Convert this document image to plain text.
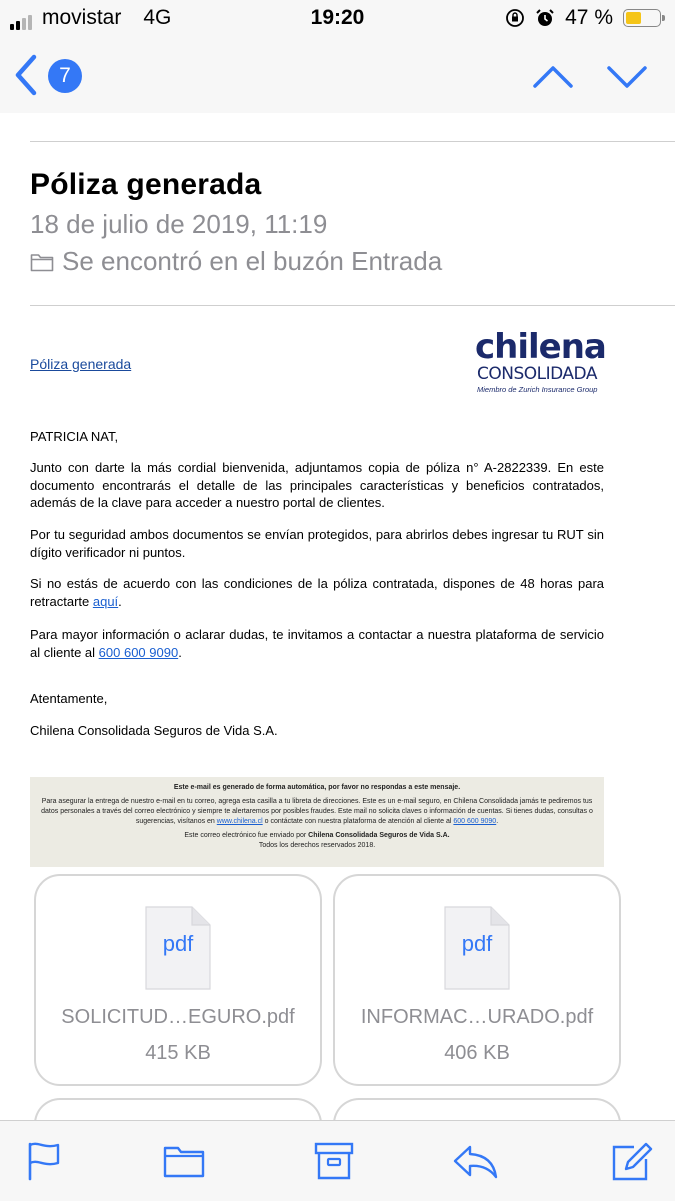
movistar 4G	19:20	47 %
7
Póliza generada
18 de julio de 2019, 11:19
Se encontró en el buzón Entrada
Póliza generada	chilena
CONSOLIDADA
Miembro de Zurich Insurance Group
PATRICIA NAT,
Junto con darte la más cordial bienvenida, adjuntamos copia de póliza n° A-2822339. En este documento encontrarás el detalle de las principales características y beneficios contratados, además de la clave para acceder a nuestro portal de clientes.
Por tu seguridad ambos documentos se envían protegidos, para abrirlos debes ingresar tu RUT sin dígito verificador ni puntos.
Si no estás de acuerdo con las condiciones de la póliza contratada, dispones de 48 horas para retractarte aquí.
Para mayor información o aclarar dudas, te invitamos a contactar a nuestra plataforma de servicio al cliente al 600 600 9090.
Atentamente,
Chilena Consolidada Seguros de Vida S.A.
Este e-mail es generado de forma automática, por favor no respondas a este mensaje.
Para asegurar la entrega de nuestro e-mail en tu correo, agrega esta casilla a tu libreta de direcciones. Este es un e-mail seguro, en Chilena Consolidada jamás te pediremos tus datos personales a través del correo electrónico y siempre te alertaremos por posibles fraudes. Este mail no solicita claves o información de cuentas. Si tienes dudas, consultas o sugerencias, visítanos en www.chilena.cl o contáctate con nuestra plataforma de atención al cliente al 600 600 9090.
Este correo electrónico fue enviado por Chilena Consolidada Seguros de Vida S.A.
Todos los derechos reservados 2018.
pdf
SOLICITUD…EGURO.pdf
415 KB
pdf
INFORMAC…URADO.pdf
406 KB
